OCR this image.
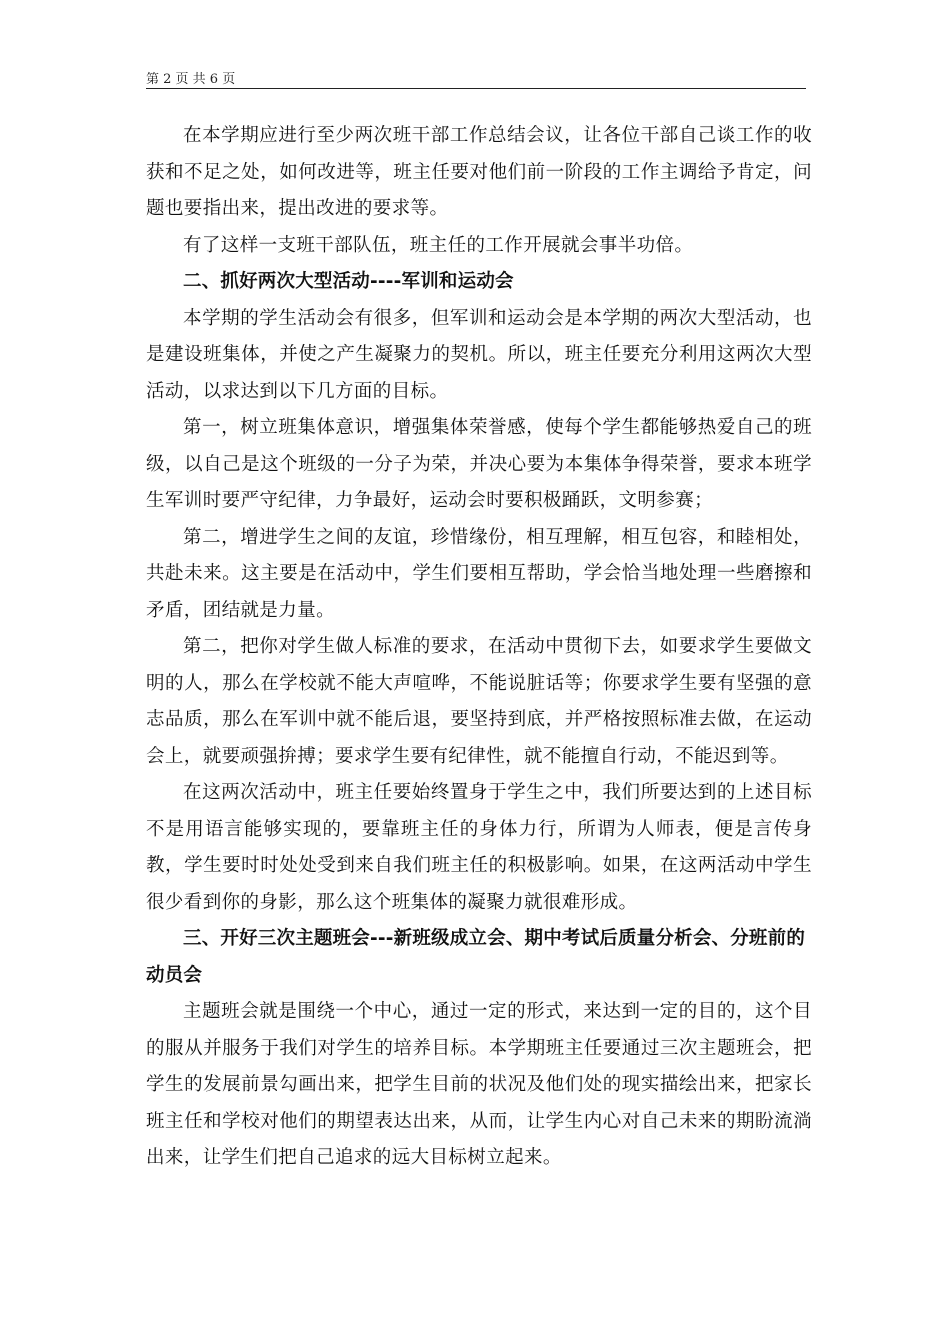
第 2 页 共 6 页

在本学期应进行至少两次班干部工作总结会议，让各位干部自己谈工作的收获和不足之处，如何改进等，班主任要对他们前一阶段的工作主调给予肯定，问题也要指出来，提出改进的要求等。

有了这样一支班干部队伍，班主任的工作开展就会事半功倍。

二、抓好两次大型活动----军训和运动会

本学期的学生活动会有很多，但军训和运动会是本学期的两次大型活动，也是建设班集体，并使之产生凝聚力的契机。所以，班主任要充分利用这两次大型活动，以求达到以下几方面的目标。

第一，树立班集体意识，增强集体荣誉感，使每个学生都能够热爱自己的班级，以自己是这个班级的一分子为荣，并决心要为本集体争得荣誉，要求本班学生军训时要严守纪律，力争最好，运动会时要积极踊跃，文明参赛；

第二，增进学生之间的友谊，珍惜缘份，相互理解，相互包容，和睦相处，共赴未来。这主要是在活动中，学生们要相互帮助，学会恰当地处理一些磨擦和矛盾，团结就是力量。

第二，把你对学生做人标准的要求，在活动中贯彻下去，如要求学生要做文明的人，那么在学校就不能大声喧哗，不能说脏话等；你要求学生要有坚强的意志品质，那么在军训中就不能后退，要坚持到底，并严格按照标准去做，在运动会上，就要顽强拚搏；要求学生要有纪律性，就不能擅自行动，不能迟到等。

在这两次活动中，班主任要始终置身于学生之中，我们所要达到的上述目标不是用语言能够实现的，要靠班主任的身体力行，所谓为人师表，便是言传身教，学生要时时处处受到来自我们班主任的积极影响。如果，在这两活动中学生很少看到你的身影，那么这个班集体的凝聚力就很难形成。

三、开好三次主题班会---新班级成立会、期中考试后质量分析会、分班前的动员会

主题班会就是围绕一个中心，通过一定的形式，来达到一定的目的，这个目的服从并服务于我们对学生的培养目标。本学期班主任要通过三次主题班会，把学生的发展前景勾画出来，把学生目前的状况及他们处的现实描绘出来，把家长班主任和学校对他们的期望表达出来，从而，让学生内心对自己未来的期盼流淌出来，让学生们把自己追求的远大目标树立起来。
